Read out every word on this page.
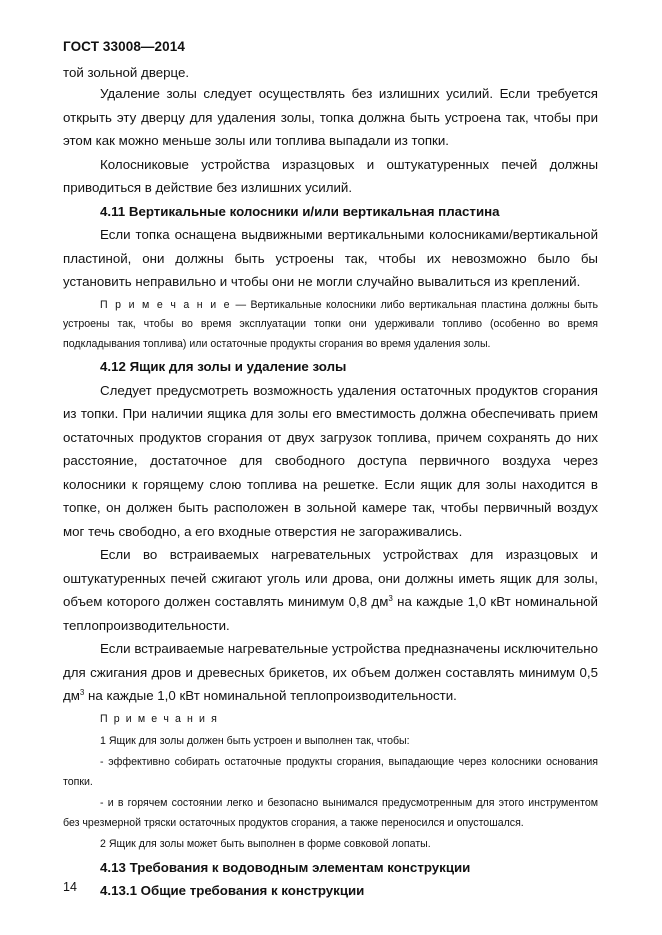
ГОСТ 33008—2014

той зольной дверце.

Удаление золы следует осуществлять без излишних усилий. Если требуется открыть эту дверцу для удаления золы, топка должна быть устроена так, чтобы при этом как можно меньше золы или топлива выпадали из топки.

Колосниковые устройства изразцовых и оштукатуренных печей должны приводиться в действие без излишних усилий.

4.11 Вертикальные колосники и/или вертикальная пластина

Если топка оснащена выдвижными вертикальными колосниками/вертикальной пластиной, они должны быть устроены так, чтобы их невозможно было бы установить неправильно и чтобы они не могли случайно вывалиться из креплений.

П р и м е ч а н и е — Вертикальные колосники либо вертикальная пластина должны быть устроены так, чтобы во время эксплуатации топки они удерживали топливо (особенно во время подкладывания топлива) или остаточные продукты сгорания во время удаления золы.

4.12 Ящик для золы и удаление золы

Следует предусмотреть возможность удаления остаточных продуктов сгорания из топки. При наличии ящика для золы его вместимость должна обеспечивать прием остаточных продуктов сгорания от двух загрузок топлива, причем сохранять до них расстояние, достаточное для свободного доступа первичного воздуха через колосники к горящему слою топлива на решетке. Если ящик для золы находится в топке, он должен быть расположен в зольной камере так, чтобы первичный воздух мог течь свободно, а его входные отверстия не загораживались.

Если во встраиваемых нагревательных устройствах для изразцовых и оштукатуренных печей сжигают уголь или дрова, они должны иметь ящик для золы, объем которого должен составлять минимум 0,8 $дм^3$ на каждые 1,0 кВт номинальной теплопроизводительности.

Если встраиваемые нагревательные устройства предназначены исключительно для сжигания дров и древесных брикетов, их объем должен составлять минимум 0,5 $дм^3$ на каждые 1,0 кВт номинальной теплопроизводительности.

П р и м е ч а н и я

1 Ящик для золы должен быть устроен и выполнен так, чтобы:

- эффективно собирать остаточные продукты сгорания, выпадающие через колосники основания топки.

- и в горячем состоянии легко и безопасно вынимался предусмотренным для этого инструментом без чрезмерной тряски остаточных продуктов сгорания, а также переносился и опустошался.

2 Ящик для золы может быть выполнен в форме совковой лопаты.

4.13 Требования к водоводным элементам конструкции

4.13.1 Общие требования к конструкции

14
